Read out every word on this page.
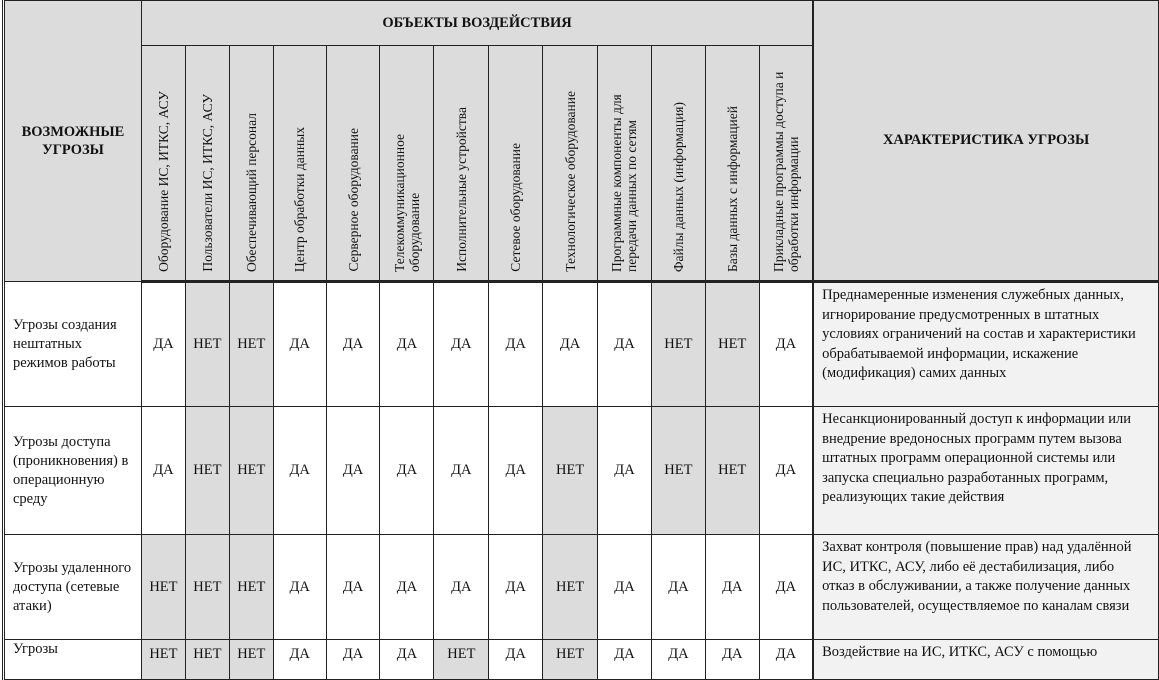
ВОЗМОЖНЫЕ УГРОЗЫ	ОБЪЕКТЫ ВОЗДЕЙСТВИЯ													ХАРАКТЕРИСТИКА УГРОЗЫ

	Оборудование ИС, ИТКС, АСУ	Пользователи ИС, ИТКС, АСУ	Обеспечивающий персонал	Центр обработки данных	Серверное оборудование	Телекоммуникационное оборудование	Исполнительные устройства	Сетевое оборудование	Технологическое оборудование	Программные компоненты для передачи данных по сетям	Файлы данных (информация)	Базы данных с информацией	Прикладные программы доступа и обработки информации	

Угрозы создания нештатных режимов работы	ДА	НЕТ	НЕТ	ДА	ДА	ДА	ДА	ДА	ДА	ДА	НЕТ	НЕТ	ДА	Преднамеренные изменения служебных данных, игнорирование предусмотренных в штатных условиях ограничений на состав и характеристики обрабатываемой информации, искажение (модификация) самих данных
Угрозы доступа (проникновения) в операционную среду	ДА	НЕТ	НЕТ	ДА	ДА	ДА	ДА	ДА	НЕТ	ДА	НЕТ	НЕТ	ДА	Несанкционированный доступ к информации или внедрение вредоносных программ путем вызова штатных программ операционной системы или запуска специально разработанных программ, реализующих такие действия
Угрозы удаленного доступа (сетевые атаки)	НЕТ	НЕТ	НЕТ	ДА	ДА	ДА	ДА	ДА	НЕТ	ДА	ДА	ДА	ДА	Захват контроля (повышение прав) над удалённой ИС, ИТКС, АСУ, либо её дестабилизация, либо отказ в обслуживании, а также получение данных пользователей, осуществляемое по каналам связи
Угрозы	НЕТ	НЕТ	НЕТ	ДА	ДА	ДА	НЕТ	ДА	НЕТ	ДА	ДА	ДА	ДА	Воздействие на ИС, ИТКС, АСУ с помощью
